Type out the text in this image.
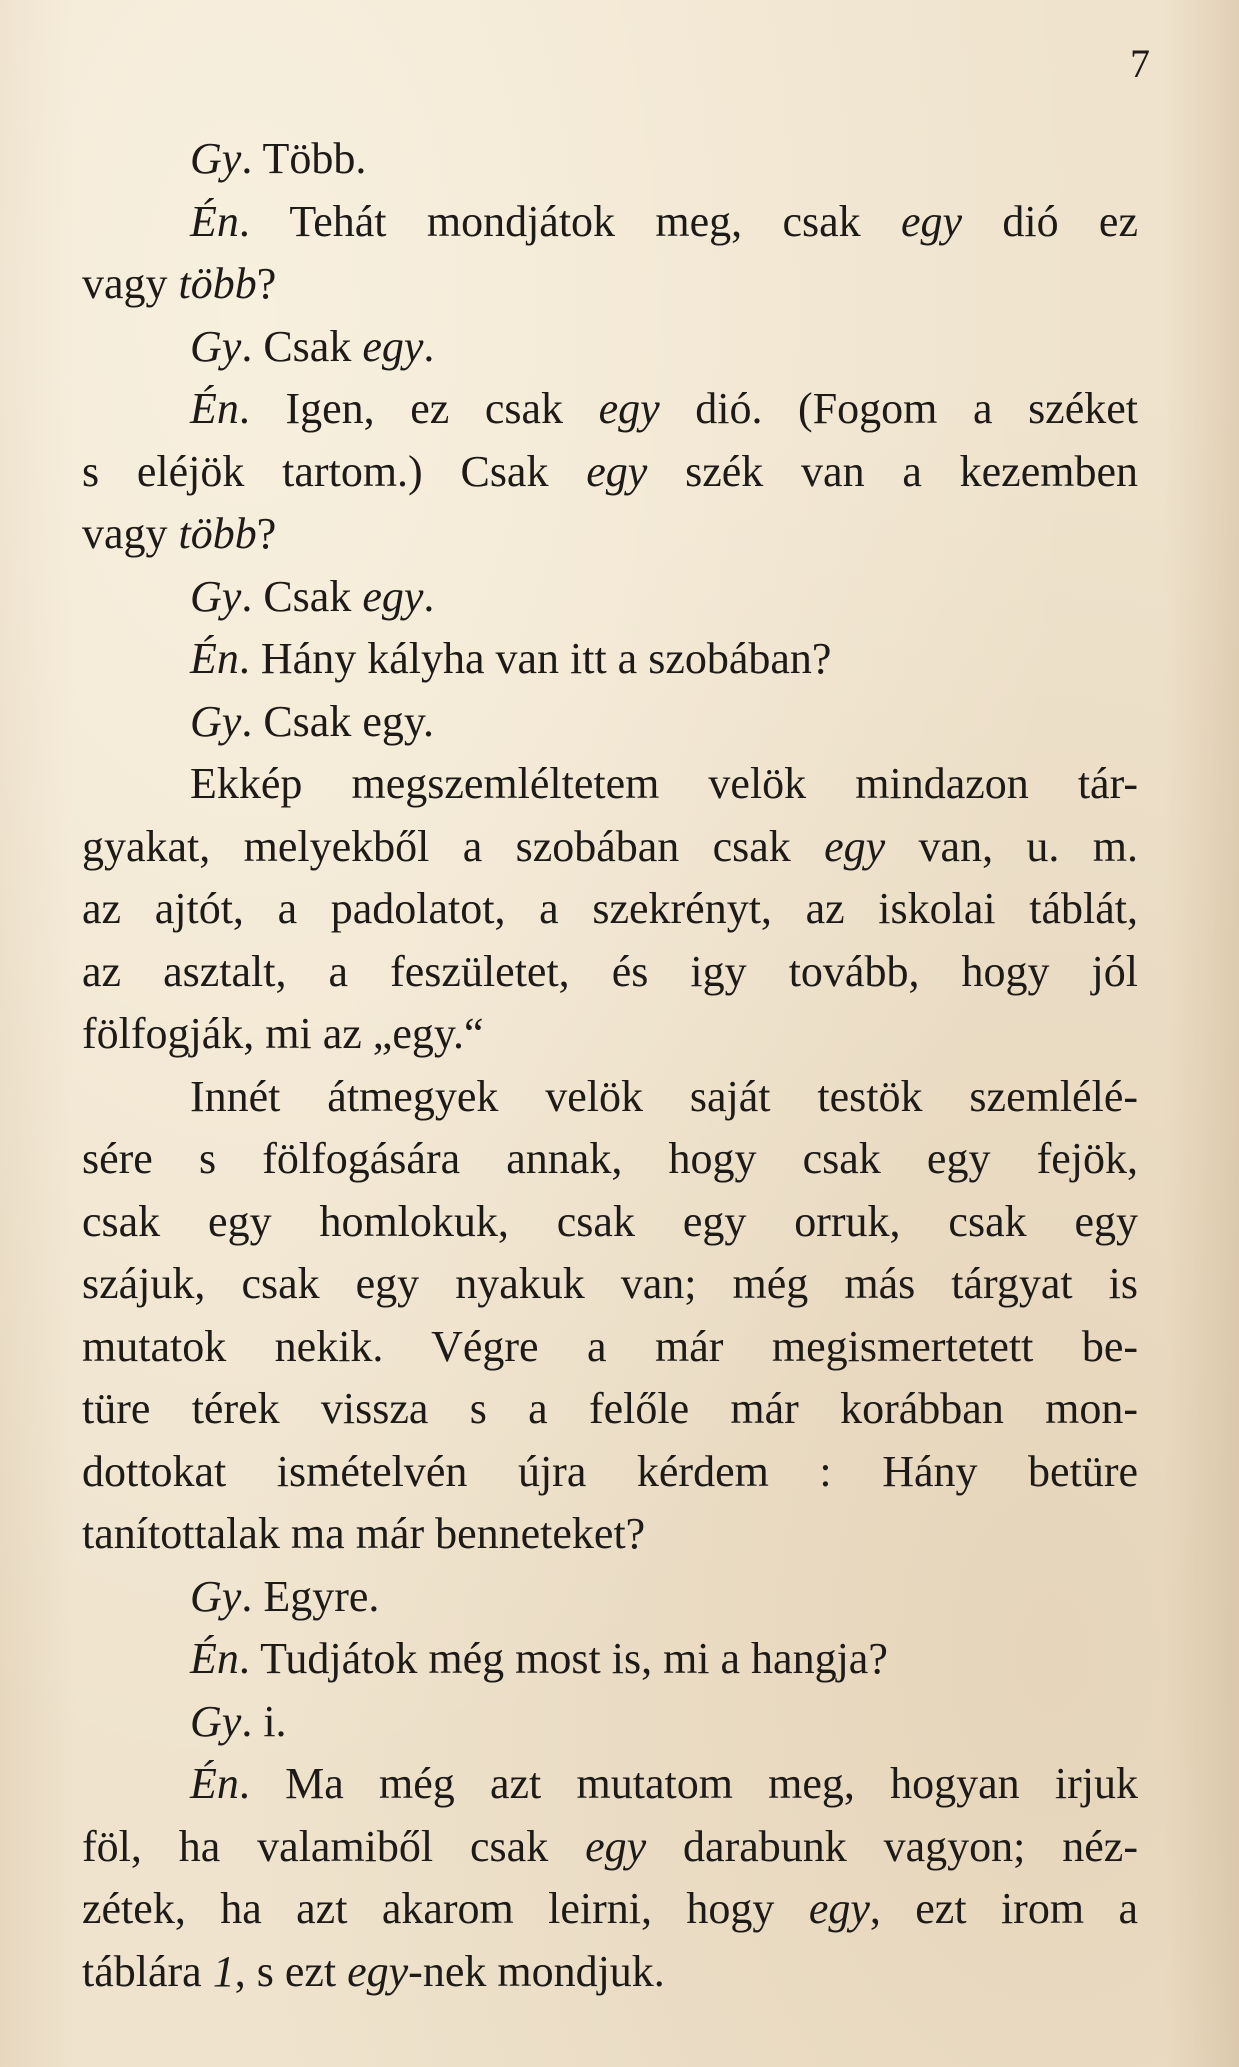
7
Gy. Több.
Én. Tehát mondjátok meg, csak egy dió ez
vagy több?
Gy. Csak egy.
Én. Igen, ez csak egy dió. (Fogom a széket
s eléjök tartom.) Csak egy szék van a kezemben
vagy több?
Gy. Csak egy.
Én. Hány kályha van itt a szobában?
Gy. Csak egy.
Ekkép megszemléltetem velök mindazon tár-
gyakat, melyekből a szobában csak egy van, u. m.
az ajtót, a padolatot, a szekrényt, az iskolai táblát,
az asztalt, a feszületet, és igy tovább, hogy jól
fölfogják, mi az „egy.“
Innét átmegyek velök saját testök szemlélé-
sére s fölfogására annak, hogy csak egy fejök,
csak egy homlokuk, csak egy orruk, csak egy
szájuk, csak egy nyakuk van; még más tárgyat is
mutatok nekik. Végre a már megismertetett be-
türe térek vissza s a felőle már korábban mon-
dottokat ismételvén újra kérdem : Hány betüre
tanítottalak ma már benneteket?
Gy. Egyre.
Én. Tudjátok még most is, mi a hangja?
Gy. i.
Én. Ma még azt mutatom meg, hogyan irjuk
föl, ha valamiből csak egy darabunk vagyon; néz-
zétek, ha azt akarom leirni, hogy egy, ezt irom a
táblára 1, s ezt egy-nek mondjuk.
